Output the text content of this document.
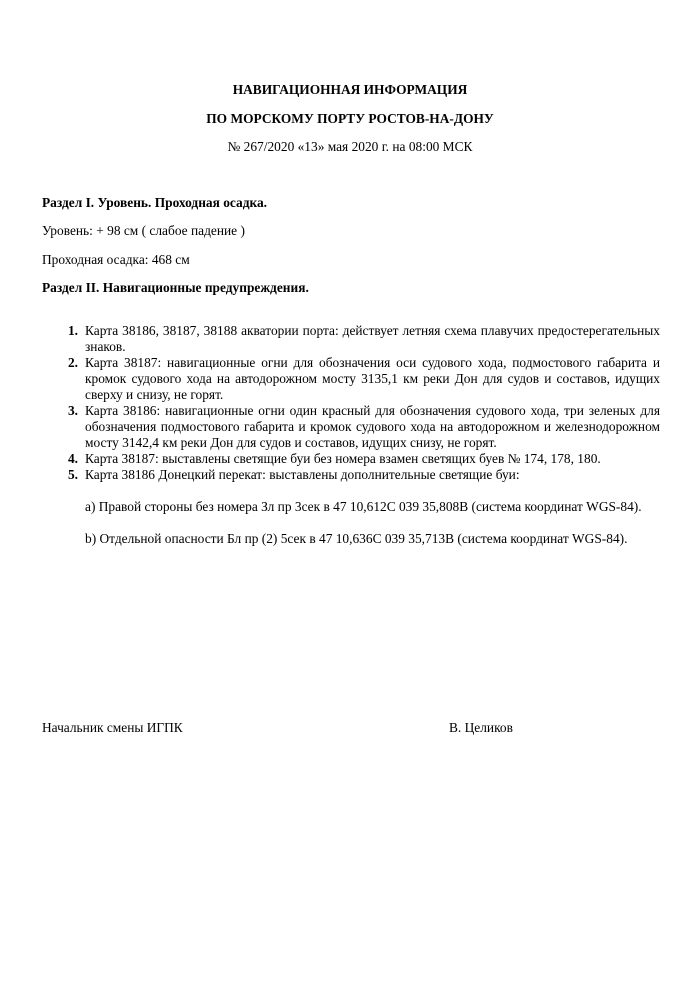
НАВИГАЦИОННАЯ ИНФОРМАЦИЯ
ПО МОРСКОМУ ПОРТУ РОСТОВ-НА-ДОНУ
№ 267/2020 «13» мая 2020 г. на 08:00 МСК
Раздел I. Уровень. Проходная осадка.
Уровень: + 98 см ( слабое падение )
Проходная осадка: 468 см
Раздел II. Навигационные предупреждения.
1. Карта 38186, 38187, 38188 акватории порта: действует летняя схема плавучих предостерегательных знаков.
2. Карта 38187: навигационные огни для обозначения оси судового хода, подмостового габарита и кромок судового хода на автодорожном мосту 3135,1 км реки Дон для судов и составов, идущих сверху и снизу, не горят.
3. Карта 38186: навигационные огни один красный для обозначения судового хода, три зеленых для обозначения подмостового габарита и кромок судового хода на автодорожном и железнодорожном мосту 3142,4 км реки Дон для судов и составов, идущих снизу, не горят.
4. Карта 38187: выставлены светящие буи без номера взамен светящих буев № 174, 178, 180.
5. Карта 38186 Донецкий перекат: выставлены дополнительные светящие буи:
a) Правой стороны без номера Зл пр 3сек в 47 10,612С 039 35,808В (система координат WGS-84).
b) Отдельной опасности Бл пр (2) 5сек в 47 10,636С 039 35,713В (система координат WGS-84).
Начальник смены ИГПК	В. Целиков
